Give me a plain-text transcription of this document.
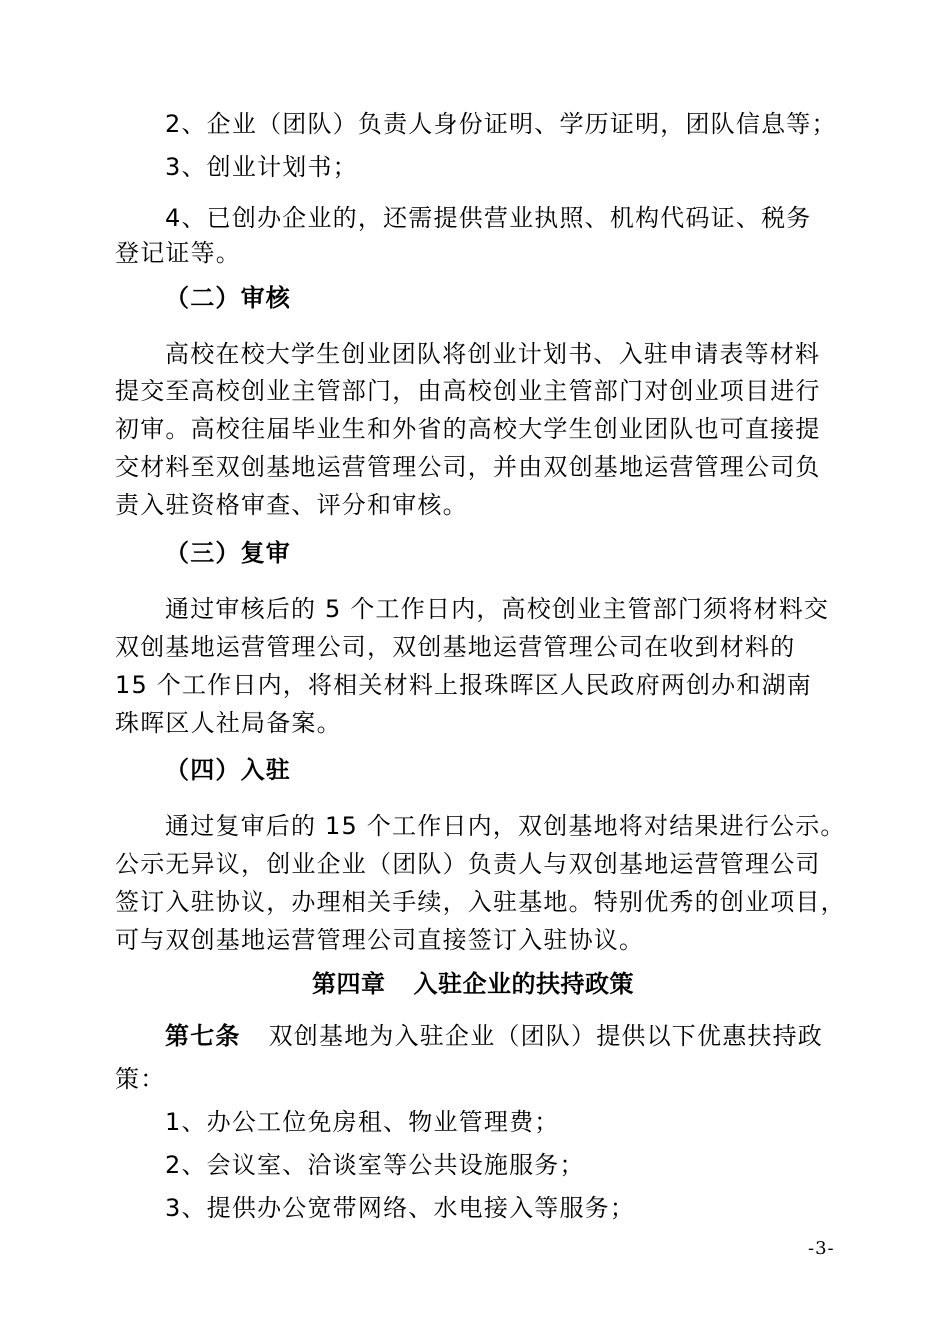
2、企业（团队）负责人身份证明、学历证明，团队信息等；
3、创业计划书；
4、已创办企业的，还需提供营业执照、机构代码证、税务
登记证等。
（二）审核
高校在校大学生创业团队将创业计划书、入驻申请表等材料
提交至高校创业主管部门，由高校创业主管部门对创业项目进行
初审。高校往届毕业生和外省的高校大学生创业团队也可直接提
交材料至双创基地运营管理公司，并由双创基地运营管理公司负
责入驻资格审查、评分和审核。
（三）复审
通过审核后的 5 个工作日内，高校创业主管部门须将材料交
双创基地运营管理公司，双创基地运营管理公司在收到材料的
15 个工作日内，将相关材料上报珠晖区人民政府两创办和湖南
珠晖区人社局备案。
（四）入驻
通过复审后的 15 个工作日内，双创基地将对结果进行公示。
公示无异议，创业企业（团队）负责人与双创基地运营管理公司
签订入驻协议，办理相关手续，入驻基地。特别优秀的创业项目，
可与双创基地运营管理公司直接签订入驻协议。
第四章 入驻企业的扶持政策
第七条 双创基地为入驻企业（团队）提供以下优惠扶持政
策：
1、办公工位免房租、物业管理费；
2、会议室、洽谈室等公共设施服务；
3、提供办公宽带网络、水电接入等服务；
-3-
